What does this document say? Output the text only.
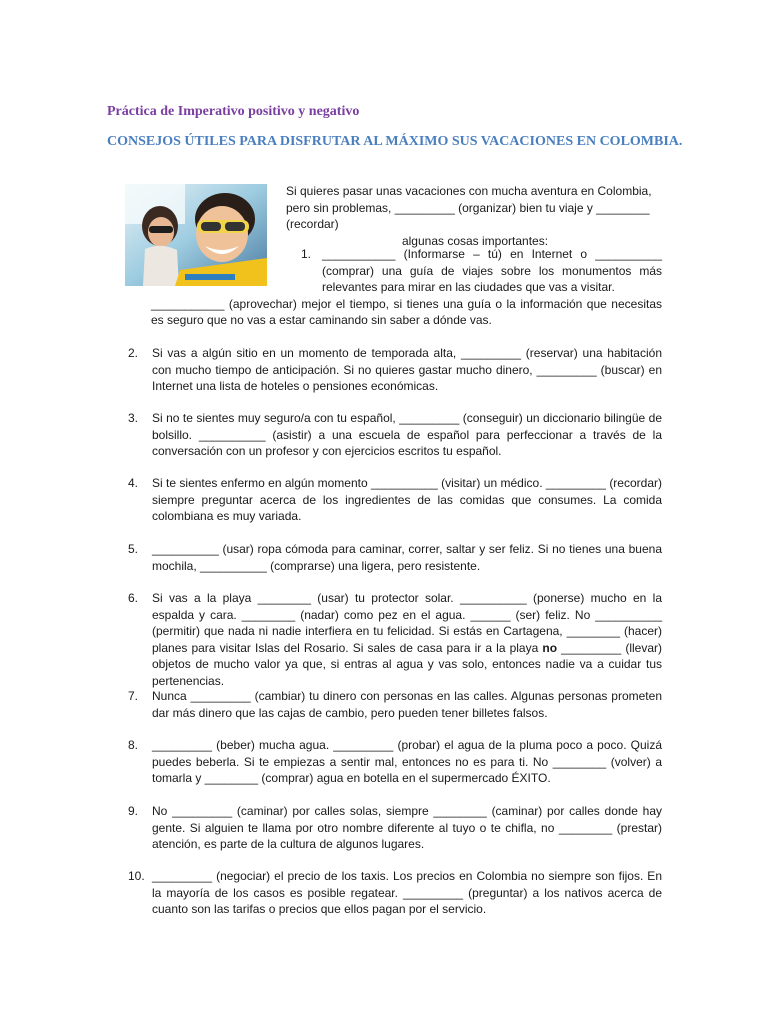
Práctica de Imperativo positivo y negativo
CONSEJOS ÚTILES PARA DISFRUTAR AL MÁXIMO SUS VACACIONES EN COLOMBIA.
Si quieres pasar unas vacaciones con mucha aventura en Colombia, pero sin problemas, _________ (organizar) bien tu viaje y ________ (recordar)
algunas cosas importantes:
1. ___________ (Informarse – tú) en Internet o __________ (comprar) una guía de viajes sobre los monumentos más relevantes para mirar en las ciudades que vas a visitar.
___________ (aprovechar) mejor el tiempo, si tienes una guía o la información que necesitas es seguro que no vas a estar caminando sin saber a dónde vas.
2. Si vas a algún sitio en un momento de temporada alta, _________ (reservar) una habitación con mucho tiempo de anticipación. Si no quieres gastar mucho dinero, _________ (buscar) en Internet una lista de hoteles o pensiones económicas.
3. Si no te sientes muy seguro/a con tu español, _________ (conseguir) un diccionario bilingüe de bolsillo. __________ (asistir) a una escuela de español para perfeccionar a través de la conversación con un profesor y con ejercicios escritos tu español.
4. Si te sientes enfermo en algún momento __________ (visitar) un médico. _________ (recordar) siempre preguntar acerca de los ingredientes de las comidas que consumes. La comida colombiana es muy variada.
5. __________ (usar) ropa cómoda para caminar, correr, saltar y ser feliz. Si no tienes una buena mochila, __________ (comprarse) una ligera, pero resistente.
6. Si vas a la playa ________ (usar) tu protector solar. __________ (ponerse) mucho en la espalda y cara. ________ (nadar) como pez en el agua. ______ (ser) feliz. No __________ (permitir) que nada ni nadie interfiera en tu felicidad. Si estás en Cartagena, ________ (hacer) planes para visitar Islas del Rosario. Si sales de casa para ir a la playa no _________ (llevar) objetos de mucho valor ya que, si entras al agua y vas solo, entonces nadie va a cuidar tus pertenencias.
7. Nunca _________ (cambiar) tu dinero con personas en las calles. Algunas personas prometen dar más dinero que las cajas de cambio, pero pueden tener billetes falsos.
8. _________ (beber) mucha agua. _________ (probar) el agua de la pluma poco a poco. Quizá puedes beberla. Si te empiezas a sentir mal, entonces no es para ti. No ________ (volver) a tomarla y ________ (comprar) agua en botella en el supermercado ÉXITO.
9. No _________ (caminar) por calles solas, siempre ________ (caminar) por calles donde hay gente. Si alguien te llama por otro nombre diferente al tuyo o te chifla, no ________ (prestar) atención, es parte de la cultura de algunos lugares.
10. _________ (negociar) el precio de los taxis. Los precios en Colombia no siempre son fijos. En la mayoría de los casos es posible regatear. _________ (preguntar) a los nativos acerca de cuanto son las tarifas o precios que ellos pagan por el servicio.
